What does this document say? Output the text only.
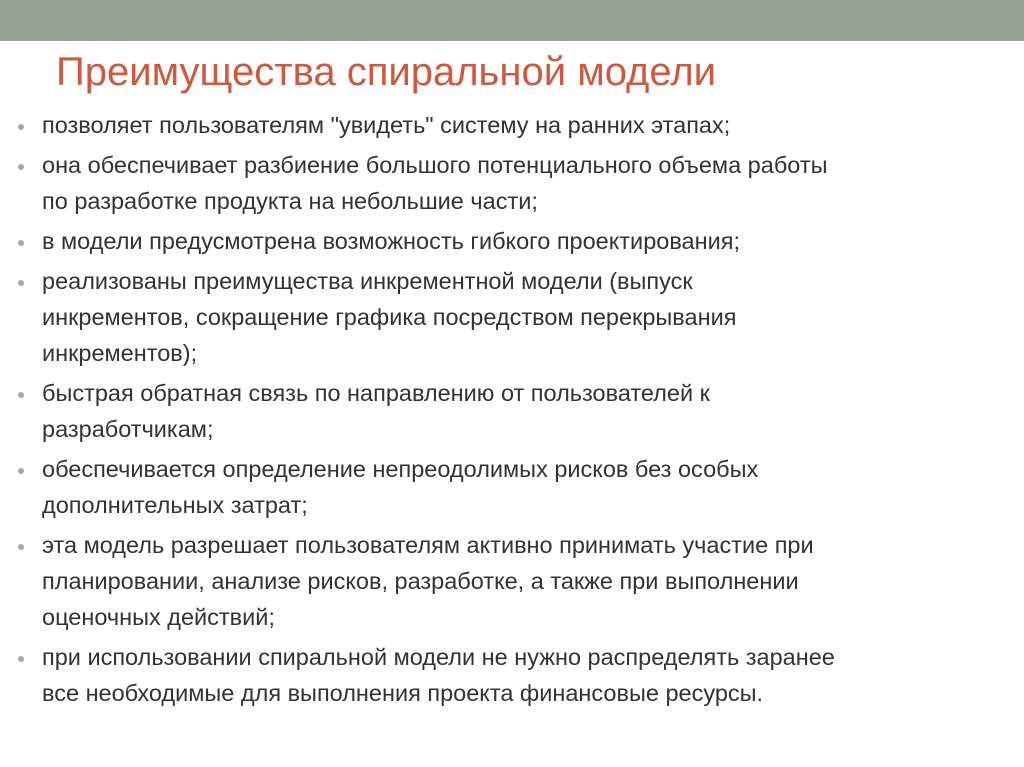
Преимущества спиральной модели
позволяет пользователям "увидеть" систему на ранних этапах;
она обеспечивает разбиение большого потенциального объема работы
по разработке продукта на небольшие части;
в модели предусмотрена возможность гибкого проектирования;
реализованы преимущества инкрементной модели (выпуск
инкрементов, сокращение графика посредством перекрывания
инкрементов);
быстрая обратная связь по направлению от пользователей к
разработчикам;
обеспечивается определение непреодолимых рисков без особых
дополнительных затрат;
эта модель разрешает пользователям активно принимать участие при
планировании, анализе рисков, разработке, а также при выполнении
оценочных действий;
при использовании спиральной модели не нужно распределять заранее
все необходимые для выполнения проекта финансовые ресурсы.
